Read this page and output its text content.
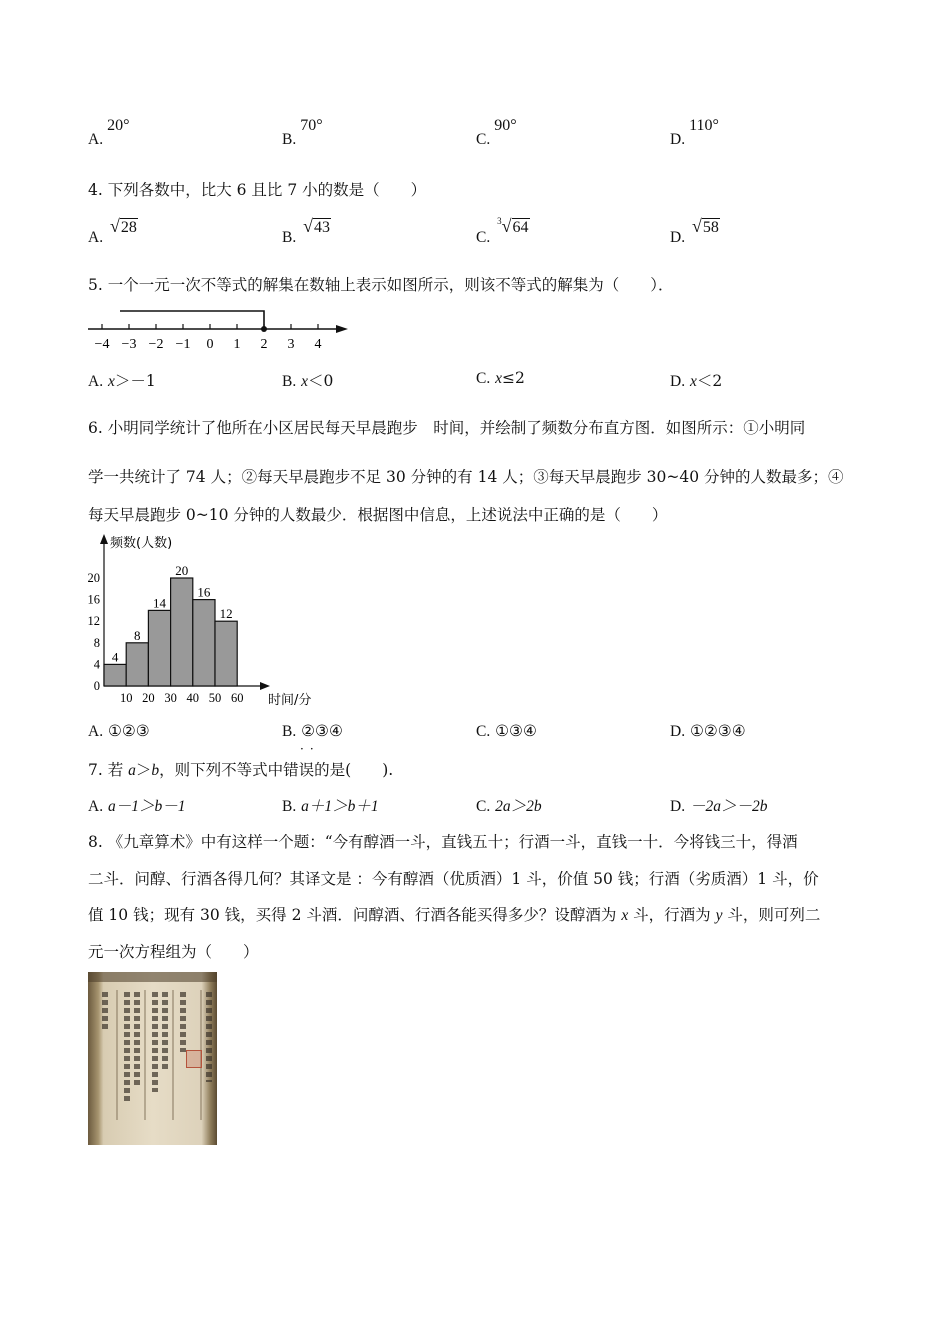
A.20°
B.70°
C.90°
D.110°
4. 下列各数中，比大 6 且比 7 小的数是（　　）
A. √28
B. √43
C. $^3$√64
D. √58
5. 一个一元一次不等式的解集在数轴上表示如图所示，则该不等式的解集为（　　）．
−4 −3 −2 −1 0 1 2 3 4
A. x＞－1	B. x＜0	C. x≤2	D. x＜2
6. 小明同学统计了他所在小区居民每天早晨跑步　时间，并绘制了频数分布直方图．如图所示：①小明同
学一共统计了 74 人；②每天早晨跑步不足 30 分钟的有 14 人；③每天早晨跑步 30~40 分钟的人数最多；④
每天早晨跑步 0~10 分钟的人数最少．根据图中信息，上述说法中正确的是（　　）
频数(人数)
0
4
8
12
16
20
4
8
14
20
16
12
10 20 30 40 50 60 时间/分
A. ①②③	B. ②③④	C. ①③④	D. ①②③④
··
7. 若 a＞b，则下列不等式中错误的是(　　).
A. a－1＞b－1	B. a＋1＞b＋1	C. 2a＞2b	D. －2a＞－2b
8. 《九章算术》中有这样一个题：“今有醇酒一斗，直钱五十；行酒一斗，直钱一十．今将钱三十，得酒
二斗．问醇、行酒各得几何？其译文是 ：今有醇酒（优质酒）1 斗，价值 50 钱；行酒（劣质酒）1 斗，价
值 10 钱；现有 30 钱，买得 2 斗酒．问醇酒、行酒各能买得多少？设醇酒为 x 斗，行酒为 y 斗，则可列二
元一次方程组为（　　）
